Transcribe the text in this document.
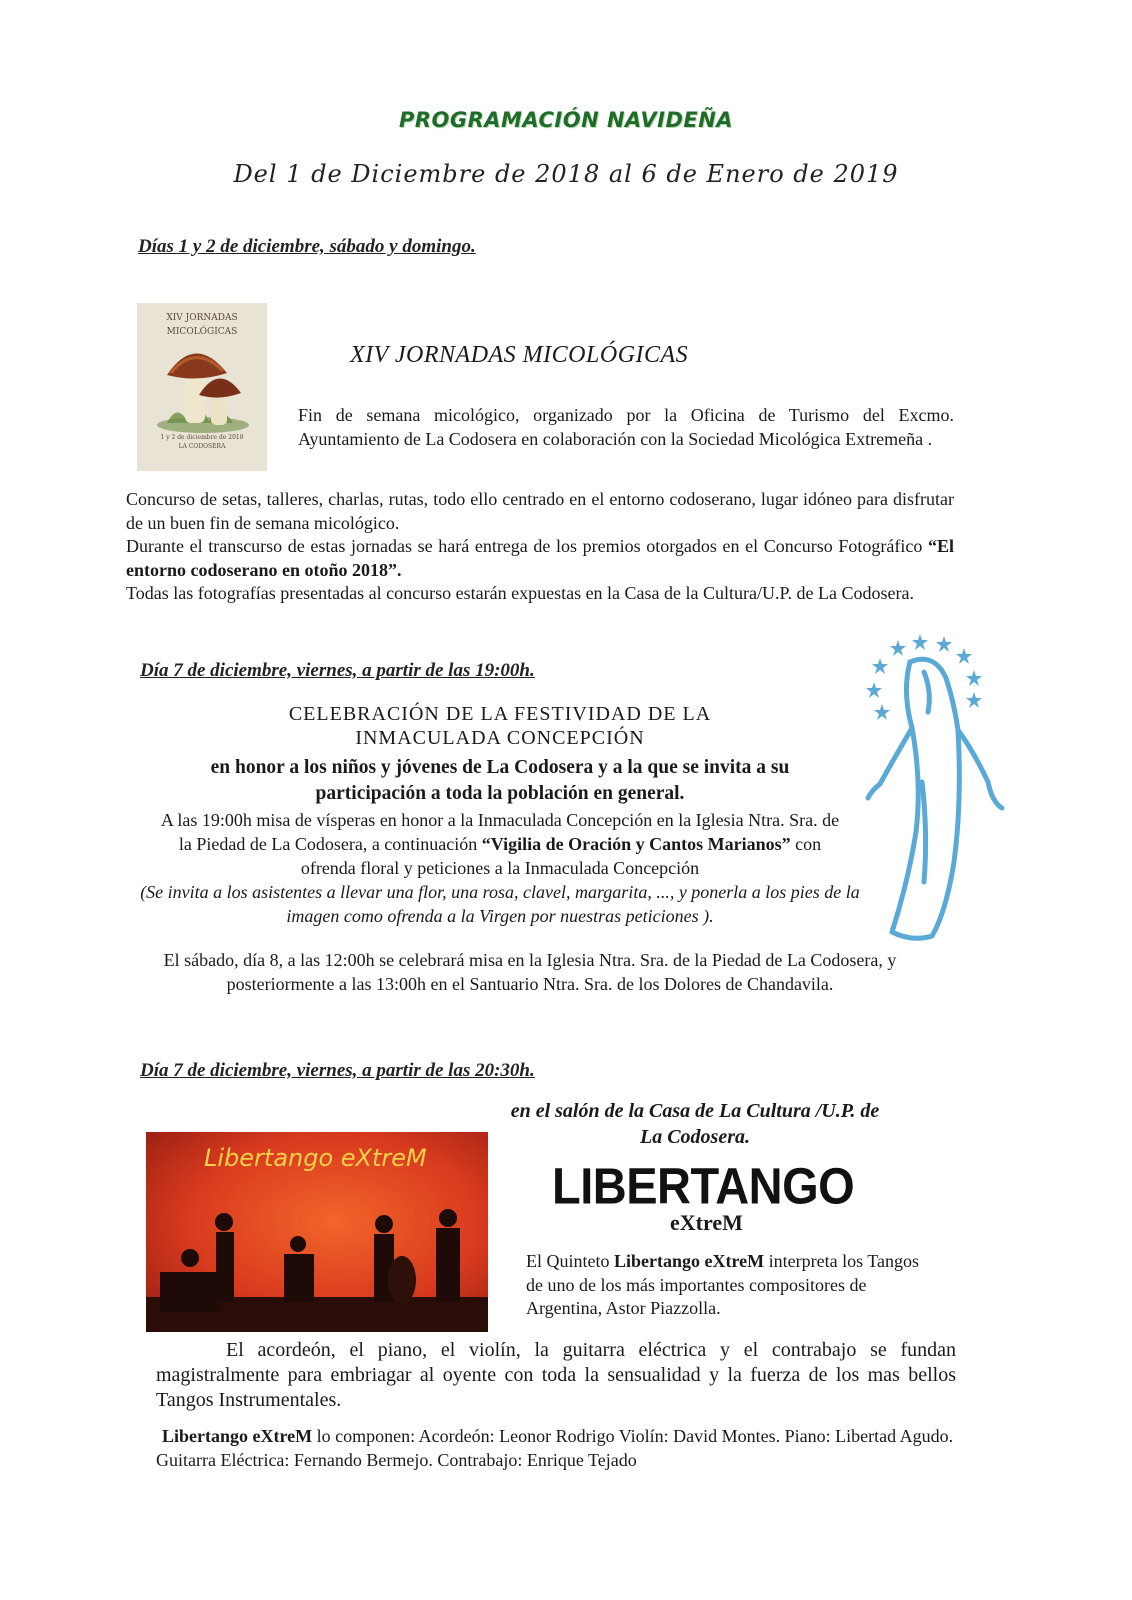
PROGRAMACIÓN NAVIDEÑA
Del 1 de Diciembre de 2018 al 6 de Enero de 2019
Días 1 y 2 de diciembre, sábado y domingo.
XIV JORNADAS
MICOLÓGICAS
1 y 2 de diciembre de 2018
LA CODOSERA
XIV JORNADAS MICOLÓGICAS
Fin de semana micológico, organizado por la Oficina de Turismo del Excmo. Ayuntamiento de La Codosera en colaboración con la Sociedad Micológica Extremeña .
Concurso de setas, talleres, charlas, rutas, todo ello centrado en el entorno codoserano, lugar idóneo para disfrutar de un buen fin de semana micológico.
Durante el transcurso de estas jornadas se hará entrega de los premios otorgados en el Concurso Fotográfico “El entorno codoserano en otoño 2018”.
Todas las fotografías presentadas al concurso estarán expuestas en la Casa de la Cultura/U.P. de La Codosera.
Día 7 de diciembre, viernes, a partir de las 19:00h.
CELEBRACIÓN DE LA FESTIVIDAD DE LA
INMACULADA CONCEPCIÓN
en honor a los niños y jóvenes de La Codosera y a la que se invita a su
participación a toda la población en general.
A las 19:00h misa de vísperas en honor a la Inmaculada Concepción en la Iglesia Ntra. Sra. de la Piedad de La Codosera, a continuación “Vigilia de Oración y Cantos Marianos” con ofrenda floral y peticiones a la Inmaculada Concepción
(Se invita a los asistentes a llevar una flor, una rosa, clavel, margarita, ..., y ponerla a los pies de la imagen como ofrenda a la Virgen por nuestras peticiones ).
El sábado, día 8, a las 12:00h se celebrará misa en la Iglesia Ntra. Sra. de la Piedad de La Codosera, y posteriormente a las 13:00h en el Santuario Ntra. Sra. de los Dolores de Chandavila.
Día 7 de diciembre, viernes, a partir de las 20:30h.
en el salón de la Casa de La Cultura /U.P. de
La Codosera.
Libertango eXtreM	LIBERTANGO
eXtreM
El Quinteto Libertango eXtreM interpreta los Tangos de uno de los más importantes compositores de Argentina, Astor Piazzolla.
El acordeón, el piano, el violín, la guitarra eléctrica y el contrabajo se fundan magistralmente para embriagar al oyente con toda la sensualidad y la fuerza de los mas bellos Tangos Instrumentales.
Libertango eXtreM lo componen: Acordeón: Leonor Rodrigo Violín: David Montes. Piano: Libertad Agudo. Guitarra Eléctrica: Fernando Bermejo. Contrabajo: Enrique Tejado
